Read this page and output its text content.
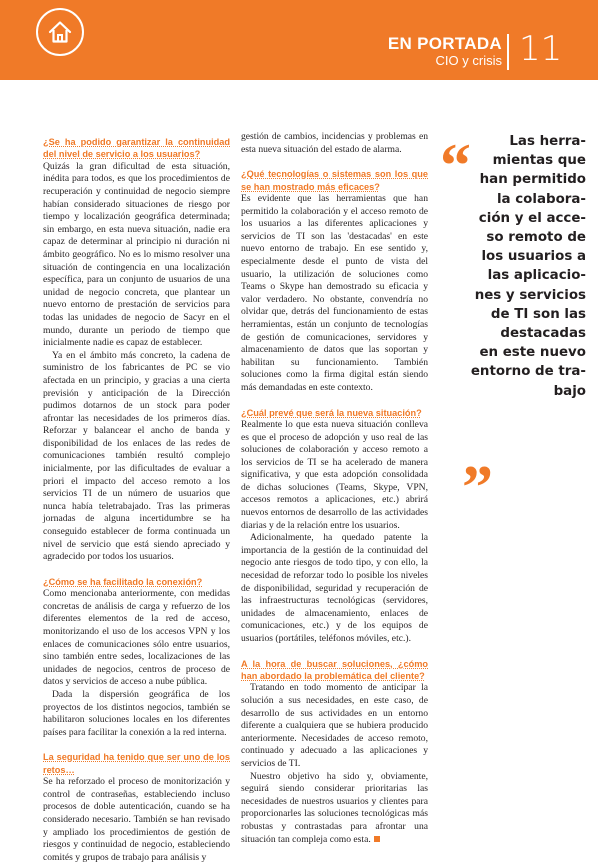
EN PORTADA
CIO y crisis 11
¿Se ha podido garantizar la continuidad del nivel de servicio a los usuarios?
Quizás la gran dificultad de esta situación, inédita para todos, es que los procedimientos de recuperación y continuidad de negocio siempre habían considerado situaciones de riesgo por tiempo y localización geográfica determinada; sin embargo, en esta nueva situación, nadie era capaz de determinar al principio ni duración ni ámbito geográfico. No es lo mismo resolver una situación de contingencia en una localización específica, para un conjunto de usuarios de una unidad de negocio concreta, que plantear un nuevo entorno de prestación de servicios para todas las unidades de negocio de Sacyr en el mundo, durante un periodo de tiempo que inicialmente nadie es capaz de establecer.
Ya en el ámbito más concreto, la cadena de suministro de los fabricantes de PC se vio afectada en un principio, y gracias a una cierta previsión y anticipación de la Dirección pudimos dotarnos de un stock para poder afrontar las necesidades de los primeros días. Reforzar y balancear el ancho de banda y disponibilidad de los enlaces de las redes de comunicaciones también resultó complejo inicialmente, por las dificultades de evaluar a priori el impacto del acceso remoto a los servicios TI de un número de usuarios que nunca había teletrabajado. Tras las primeras jornadas de alguna incertidumbre se ha conseguido establecer de forma continuada un nivel de servicio que está siendo apreciado y agradecido por todos los usuarios.
¿Cómo se ha facilitado la conexión?
Como mencionaba anteriormente, con medidas concretas de análisis de carga y refuerzo de los diferentes elementos de la red de acceso, monitorizando el uso de los accesos VPN y los enlaces de comunicaciones sólo entre usuarios, sino también entre sedes, localizaciones de las unidades de negocios, centros de proceso de datos y servicios de acceso a nube pública.
Dada la dispersión geográfica de los proyectos de los distintos negocios, también se habilitaron soluciones locales en los diferentes países para facilitar la conexión a la red interna.
La seguridad ha tenido que ser uno de los retos…
Se ha reforzado el proceso de monitorización y control de contraseñas, estableciendo incluso procesos de doble autenticación, cuando se ha considerado necesario. También se han revisado y ampliado los procedimientos de gestión de riesgos y continuidad de negocio, estableciendo comités y grupos de trabajo para análisis y
gestión de cambios, incidencias y problemas en esta nueva situación del estado de alarma.
¿Qué tecnologías o sistemas son los que se han mostrado más eficaces?
Es evidente que las herramientas que han permitido la colaboración y el acceso remoto de los usuarios a las diferentes aplicaciones y servicios de TI son las 'destacadas' en este nuevo entorno de trabajo. En ese sentido y, especialmente desde el punto de vista del usuario, la utilización de soluciones como Teams o Skype han demostrado su eficacia y valor verdadero. No obstante, convendría no olvidar que, detrás del funcionamiento de estas herramientas, están un conjunto de tecnologías de gestión de comunicaciones, servidores y almacenamiento de datos que las soportan y habilitan su funcionamiento. También soluciones como la firma digital están siendo más demandadas en este contexto.
¿Cuál prevé que será la nueva situación?
Realmente lo que esta nueva situación conlleva es que el proceso de adopción y uso real de las soluciones de colaboración y acceso remoto a los servicios de TI se ha acelerado de manera significativa, y que esta adopción consolidada de dichas soluciones (Teams, Skype, VPN, accesos remotos a aplicaciones, etc.) abrirá nuevos entornos de desarrollo de las actividades diarias y de la relación entre los usuarios.
Adicionalmente, ha quedado patente la importancia de la gestión de la continuidad del negocio ante riesgos de todo tipo, y con ello, la necesidad de reforzar todo lo posible los niveles de disponibilidad, seguridad y recuperación de las infraestructuras tecnológicas (servidores, unidades de almacenamiento, enlaces de comunicaciones, etc.) y de los equipos de usuarios (portátiles, teléfonos móviles, etc.).
A la hora de buscar soluciones, ¿cómo han abordado la problemática del cliente?
Tratando en todo momento de anticipar la solución a sus necesidades, en este caso, de desarrollo de sus actividades en un entorno diferente a cualquiera que se hubiera producido anteriormente. Necesidades de acceso remoto, continuado y adecuado a las aplicaciones y servicios de TI.
Nuestro objetivo ha sido y, obviamente, seguirá siendo considerar prioritarias las necesidades de nuestros usuarios y clientes para proporcionarles las soluciones tecnológicas más robustas y contrastadas para afrontar una situación tan compleja como esta.
“	Las herra-
mientas que
han permitido
la colabora-
ción y el acce-
so remoto de
los usuarios a
las aplicacio-
nes y servicios
de TI son las
destacadas
en este nuevo
entorno de tra-
bajo
”
